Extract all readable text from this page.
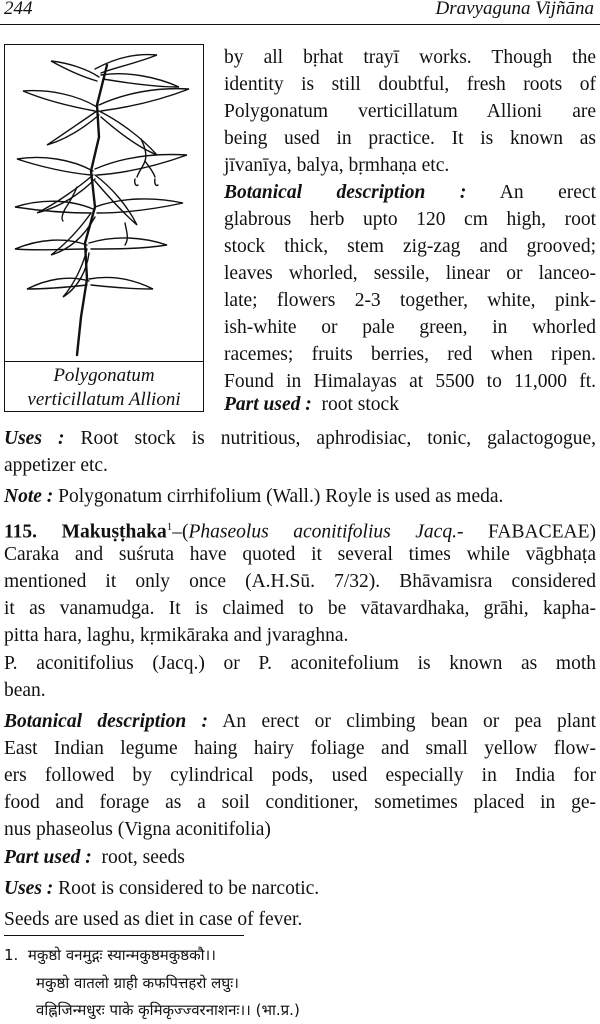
244	Dravyaguna Vijñāna
Polygonatum
verticillatum Allioni
by all bṛhat trayī works. Though the
identity is still doubtful, fresh roots of
Polygonatum verticillatum Allioni are
being used in practice. It is known as
jīvanīya, balya, bṛmhaṇa etc.
Botanical description : An erect
glabrous herb upto 120 cm high, root
stock thick, stem zig-zag and grooved;
leaves whorled, sessile, linear or lanceo-
late; flowers 2-3 together, white, pink-
ish-white or pale green, in whorled
racemes; fruits berries, red when ripen.
Found in Himalayas at 5500 to 11,000 ft.
Part used : root stock
Uses : Root stock is nutritious, aphrodisiac, tonic, galactogogue,
appetizer etc.
Note : Polygonatum cirrhifolium (Wall.) Royle is used as meda.
115. Makuṣṭhaka$^1$–(Phaseolus aconitifolius Jacq.- FABACEAE)
Caraka and suśruta have quoted it several times while vāgbhaṭa
mentioned it only once (A.H.Sū. 7/32). Bhāvamisra considered
it as vanamudga. It is claimed to be vātavardhaka, grāhi, kapha-
pitta hara, laghu, kṛmikāraka and jvaraghna.
P. aconitifolius (Jacq.) or P. aconitefolium is known as moth
bean.
Botanical description : An erect or climbing bean or pea plant
East Indian legume haing hairy foliage and small yellow flow-
ers followed by cylindrical pods, used especially in India for
food and forage as a soil conditioner, sometimes placed in ge-
nus phaseolus (Vigna aconitifolia)
Part used : root, seeds
Uses : Root is considered to be narcotic.
Seeds are used as diet in case of fever.
1. मकुष्ठो वनमुद्गः स्यान्मकुष्ठमकुष्ठकौ।।
मकुष्ठो वातलो ग्राही कफपित्तहरो लघुः।
वह्निजिन्मधुरः पाके कृमिकृज्ज्वरनाशनः।। (भा.प्र.)
